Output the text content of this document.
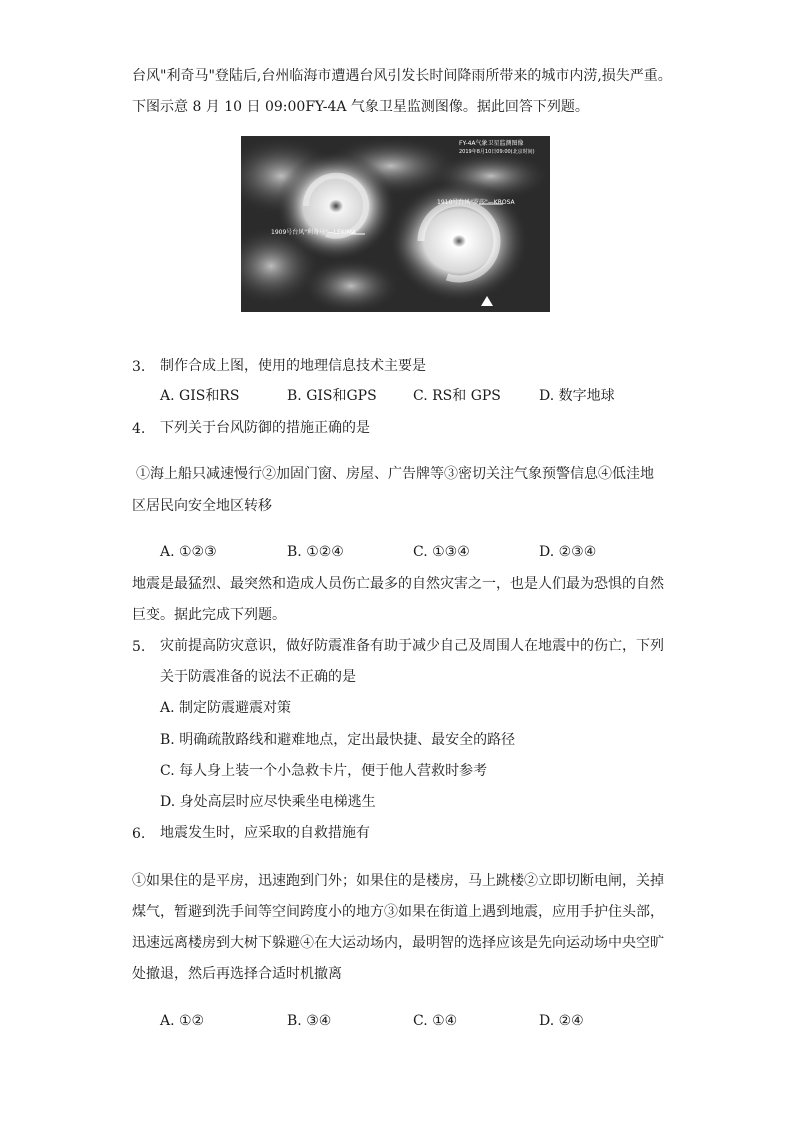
台风"利奇马"登陆后,台州临海市遭遇台风引发长时间降雨所带来的城市内涝,损失严重。
下图示意 8 月 10 日 09:00FY-4A 气象卫星监测图像。据此回答下列题。
FY-4A气象卫星监测图像
2019年8月10日09:00(北京时间)
1909号台风"利奇马"—LEKIMA
1910号台风"罗莎"—KROSA
3. 制作合成上图，使用的地理信息技术主要是
A. GIS和RS	B. GIS和GPS	C. RS和 GPS	D. 数字地球
4. 下列关于台风防御的措施正确的是
①海上船只减速慢行②加固门窗、房屋、广告牌等③密切关注气象预警信息④低洼地
区居民向安全地区转移
A. ①②③	B. ①②④	C. ①③④	D. ②③④
地震是最猛烈、最突然和造成人员伤亡最多的自然灾害之一，也是人们最为恐惧的自然
巨变。据此完成下列题。
5. 灾前提高防灾意识，做好防震准备有助于减少自己及周围人在地震中的伤亡，下列
关于防震准备的说法不正确的是
A. 制定防震避震对策
B. 明确疏散路线和避难地点，定出最快捷、最安全的路径
C. 每人身上装一个小急救卡片，便于他人营救时参考
D. 身处高层时应尽快乘坐电梯逃生
6. 地震发生时，应采取的自救措施有
①如果住的是平房，迅速跑到门外；如果住的是楼房，马上跳楼②立即切断电闸，关掉
煤气，暂避到洗手间等空间跨度小的地方③如果在街道上遇到地震，应用手护住头部，
迅速远离楼房到大树下躲避④在大运动场内，最明智的选择应该是先向运动场中央空旷
处撤退，然后再选择合适时机撤离
A. ①②	B. ③④	C. ①④	D. ②④
